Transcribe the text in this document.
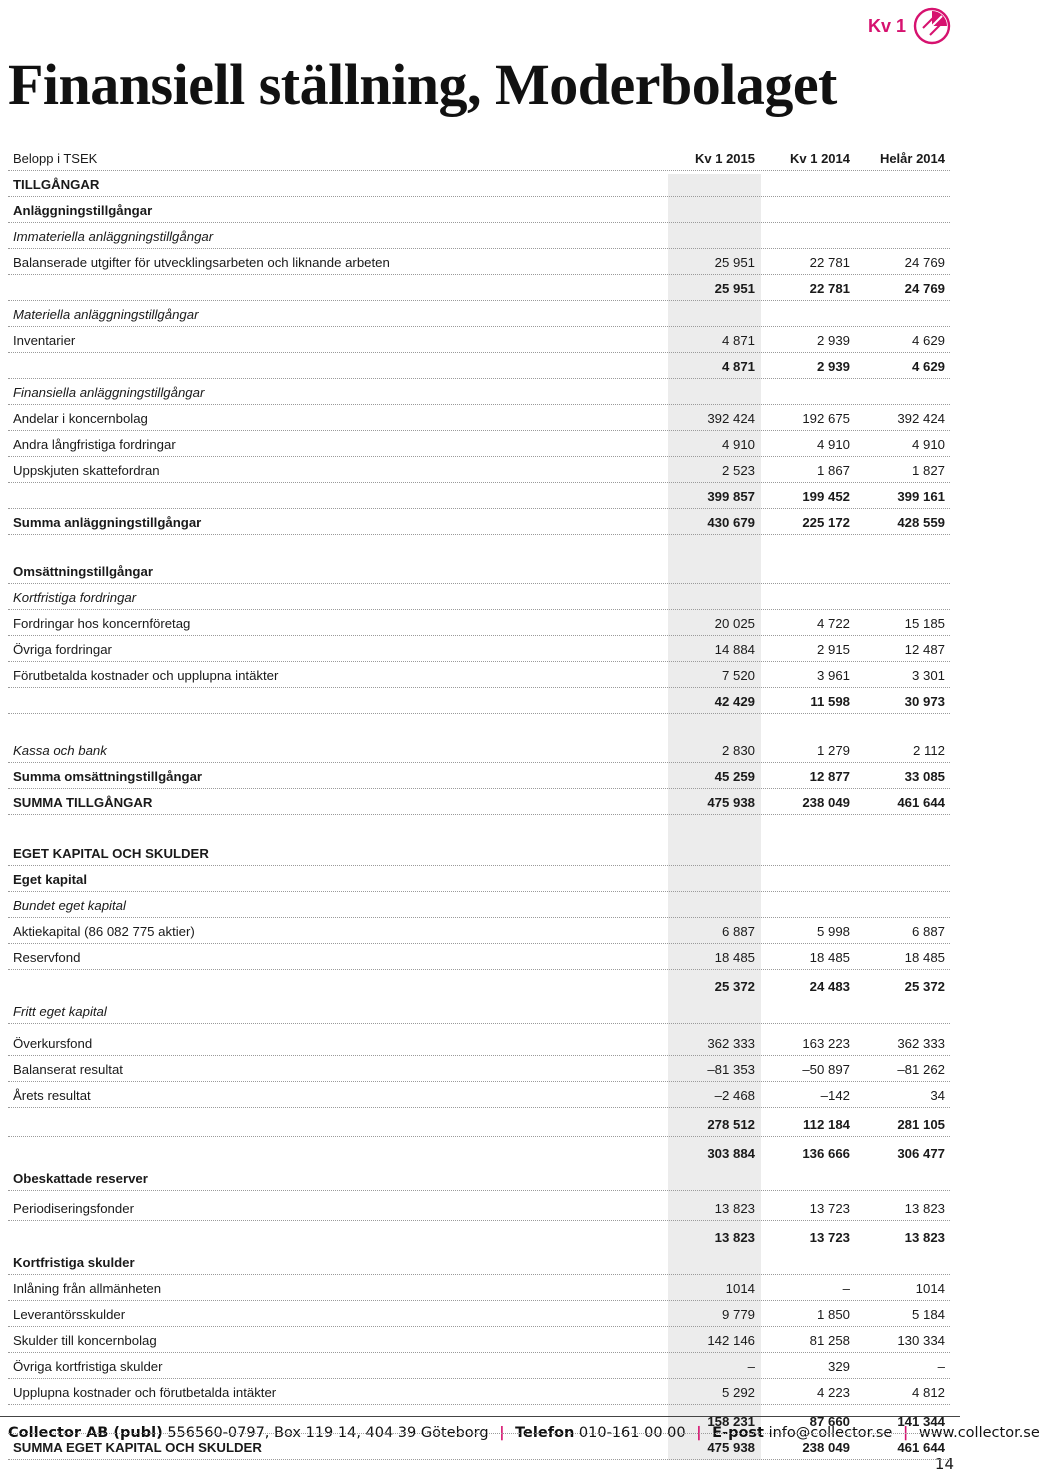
Kv 1
Finansiell ställning, Moderbolaget
Belopp i TSEK	Kv 1 2015	Kv 1 2014	Helår 2014
TILLGÅNGAR
Anläggningstillgångar
Immateriella anläggningstillgångar
Balanserade utgifter för utvecklingsarbeten och liknande arbeten	25 951	22 781	24 769
25 951	22 781	24 769
Materiella anläggningstillgångar
Inventarier	4 871	2 939	4 629
4 871	2 939	4 629
Finansiella anläggningstillgångar
Andelar i koncernbolag	392 424	192 675	392 424
Andra långfristiga fordringar	4 910	4 910	4 910
Uppskjuten skattefordran	2 523	1 867	1 827
399 857	199 452	399 161
Summa anläggningstillgångar	430 679	225 172	428 559
Omsättningstillgångar
Kortfristiga fordringar
Fordringar hos koncernföretag	20 025	4 722	15 185
Övriga fordringar	14 884	2 915	12 487
Förutbetalda kostnader och upplupna intäkter	7 520	3 961	3 301
42 429	11 598	30 973
Kassa och bank	2 830	1 279	2 112
Summa omsättningstillgångar	45 259	12 877	33 085
SUMMA TILLGÅNGAR	475 938	238 049	461 644
EGET KAPITAL OCH SKULDER
Eget kapital
Bundet eget kapital
Aktiekapital (86 082 775 aktier)	6 887	5 998	6 887
Reservfond	18 485	18 485	18 485
25 372	24 483	25 372
Fritt eget kapital
Överkursfond	362 333	163 223	362 333
Balanserat resultat	–81 353	–50 897	–81 262
Årets resultat	–2 468	–142	34
278 512	112 184	281 105
303 884	136 666	306 477
Obeskattade reserver
Periodiseringsfonder	13 823	13 723	13 823
13 823	13 723	13 823
Kortfristiga skulder
Inlåning från allmänheten	1014	–	1014
Leverantörsskulder	9 779	1 850	5 184
Skulder till koncernbolag	142 146	81 258	130 334
Övriga kortfristiga skulder	–	329	–
Upplupna kostnader och förutbetalda intäkter	5 292	4 223	4 812
158 231	87 660	141 344
SUMMA EGET KAPITAL OCH SKULDER	475 938	238 049	461 644
Collector AB (publ) 556560-0797, Box 119 14, 404 39 Göteborg | Telefon 010-161 00 00 | E-post info@collector.se | www.collector.se
14
